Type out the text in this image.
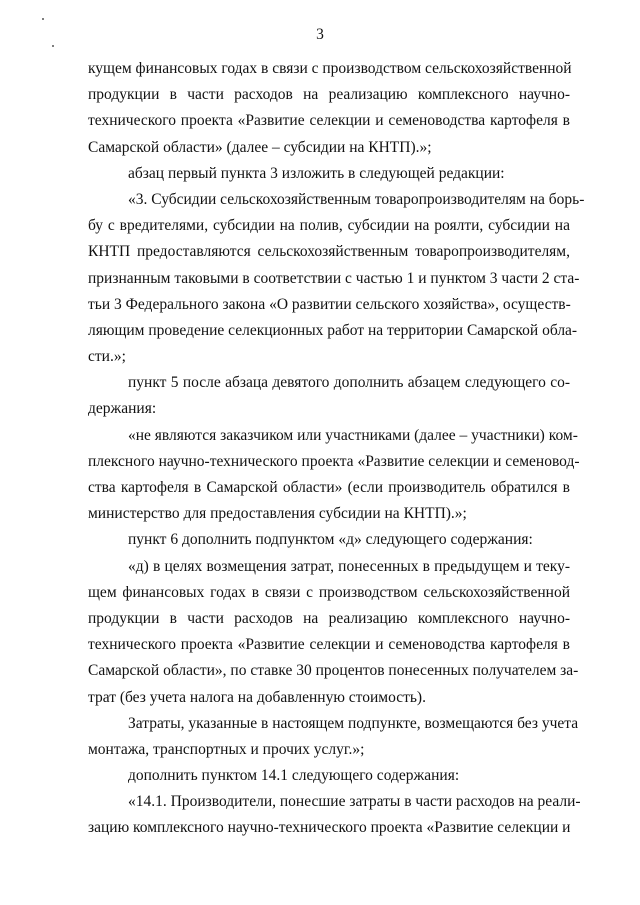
3
кущем финансовых годах в связи с производством сельскохозяйственной
продукции в части расходов на реализацию комплексного научно-
технического проекта «Развитие селекции и семеноводства картофеля в
Самарской области» (далее – субсидии на КНТП).»;
абзац первый пункта 3 изложить в следующей редакции:
«3. Субсидии сельскохозяйственным товаропроизводителям на борь-
бу с вредителями, субсидии на полив, субсидии на роялти, субсидии на
КНТП предоставляются сельскохозяйственным товаропроизводителям,
признанным таковыми в соответствии с частью 1 и пунктом 3 части 2 ста-
тьи 3 Федерального закона «О развитии сельского хозяйства», осуществ-
ляющим проведение селекционных работ на территории Самарской обла-
сти.»;
пункт 5 после абзаца девятого дополнить абзацем следующего со-
держания:
«не являются заказчиком или участниками (далее – участники) ком-
плексного научно-технического проекта «Развитие селекции и семеновод-
ства картофеля в Самарской области» (если производитель обратился в
министерство для предоставления субсидии на КНТП).»;
пункт 6 дополнить подпунктом «д» следующего содержания:
«д) в целях возмещения затрат, понесенных в предыдущем и теку-
щем финансовых годах в связи с производством сельскохозяйственной
продукции в части расходов на реализацию комплексного научно-
технического проекта «Развитие селекции и семеноводства картофеля в
Самарской области», по ставке 30 процентов понесенных получателем за-
трат (без учета налога на добавленную стоимость).
Затраты, указанные в настоящем подпункте, возмещаются без учета
монтажа, транспортных и прочих услуг.»;
дополнить пунктом 14.1 следующего содержания:
«14.1. Производители, понесшие затраты в части расходов на реали-
зацию комплексного научно-технического проекта «Развитие селекции и
